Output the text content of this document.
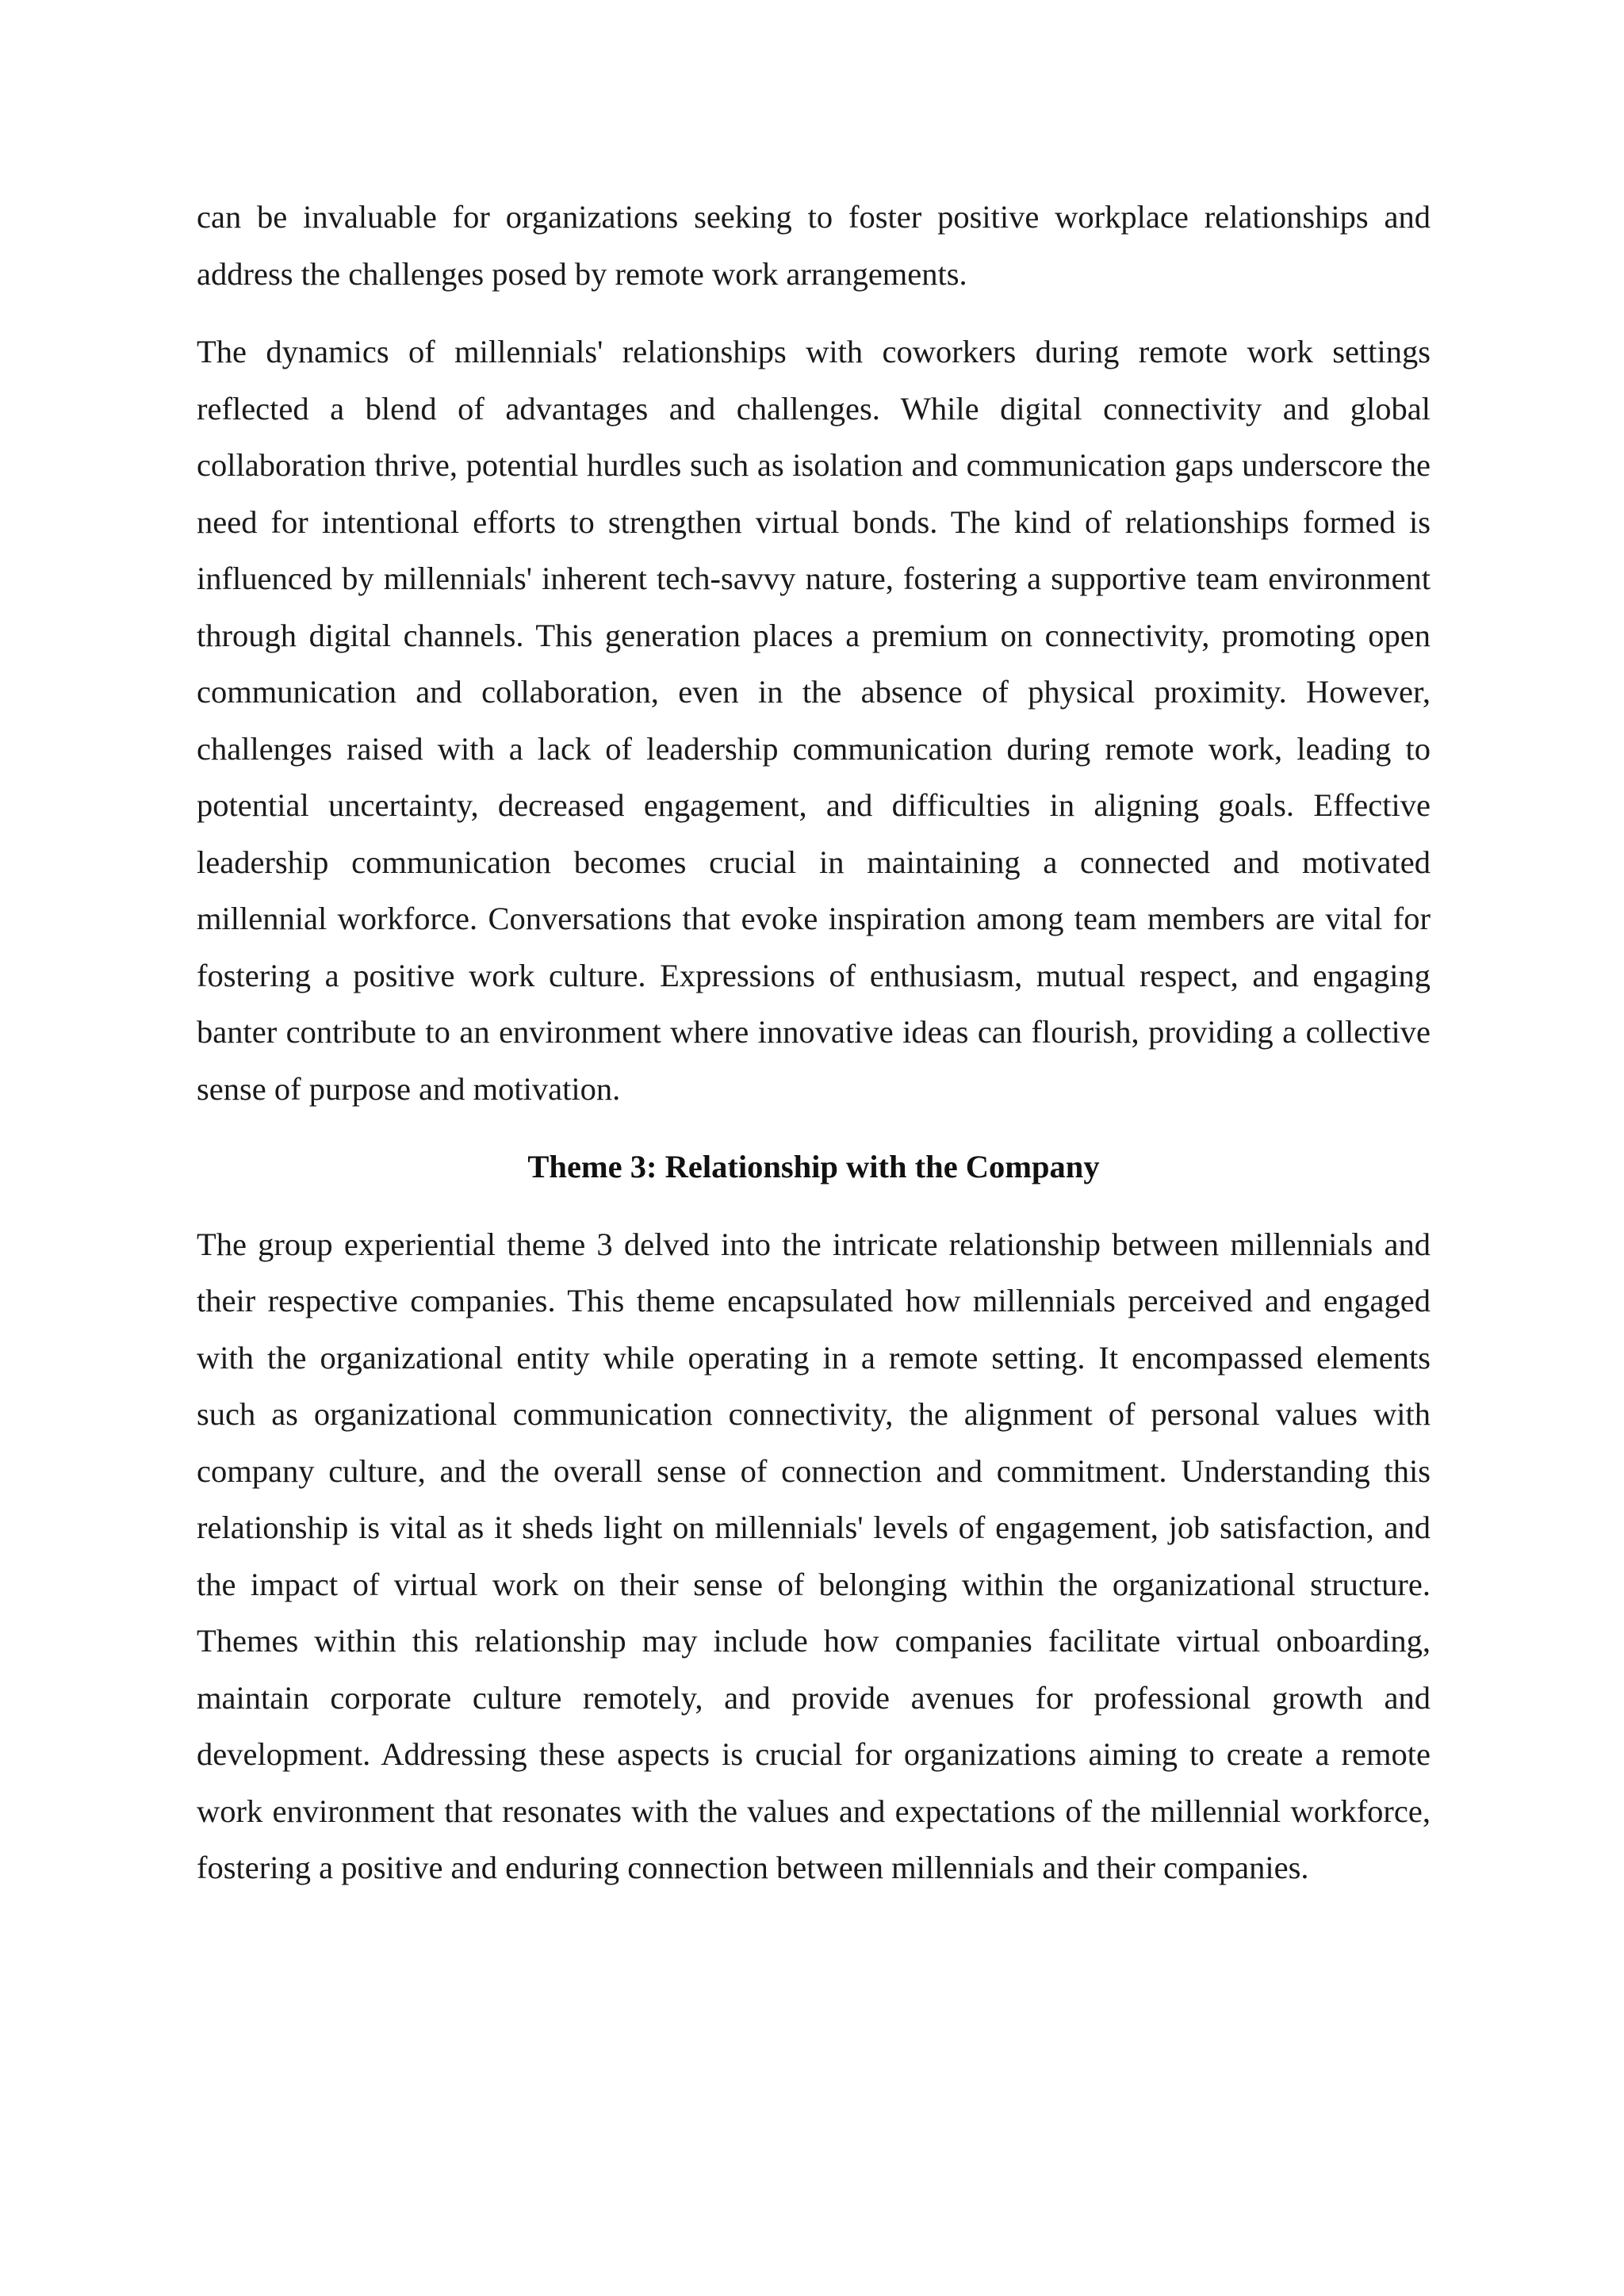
can be invaluable for organizations seeking to foster positive workplace relationships and address the challenges posed by remote work arrangements.

The dynamics of millennials' relationships with coworkers during remote work settings reflected a blend of advantages and challenges. While digital connectivity and global collaboration thrive, potential hurdles such as isolation and communication gaps underscore the need for intentional efforts to strengthen virtual bonds. The kind of relationships formed is influenced by millennials' inherent tech-savvy nature, fostering a supportive team environment through digital channels. This generation places a premium on connectivity, promoting open communication and collaboration, even in the absence of physical proximity. However, challenges raised with a lack of leadership communication during remote work, leading to potential uncertainty, decreased engagement, and difficulties in aligning goals. Effective leadership communication becomes crucial in maintaining a connected and motivated millennial workforce. Conversations that evoke inspiration among team members are vital for fostering a positive work culture. Expressions of enthusiasm, mutual respect, and engaging banter contribute to an environment where innovative ideas can flourish, providing a collective sense of purpose and motivation.

Theme 3: Relationship with the Company

The group experiential theme 3 delved into the intricate relationship between millennials and their respective companies. This theme encapsulated how millennials perceived and engaged with the organizational entity while operating in a remote setting. It encompassed elements such as organizational communication connectivity, the alignment of personal values with company culture, and the overall sense of connection and commitment. Understanding this relationship is vital as it sheds light on millennials' levels of engagement, job satisfaction, and the impact of virtual work on their sense of belonging within the organizational structure. Themes within this relationship may include how companies facilitate virtual onboarding, maintain corporate culture remotely, and provide avenues for professional growth and development. Addressing these aspects is crucial for organizations aiming to create a remote work environment that resonates with the values and expectations of the millennial workforce, fostering a positive and enduring connection between millennials and their companies.
